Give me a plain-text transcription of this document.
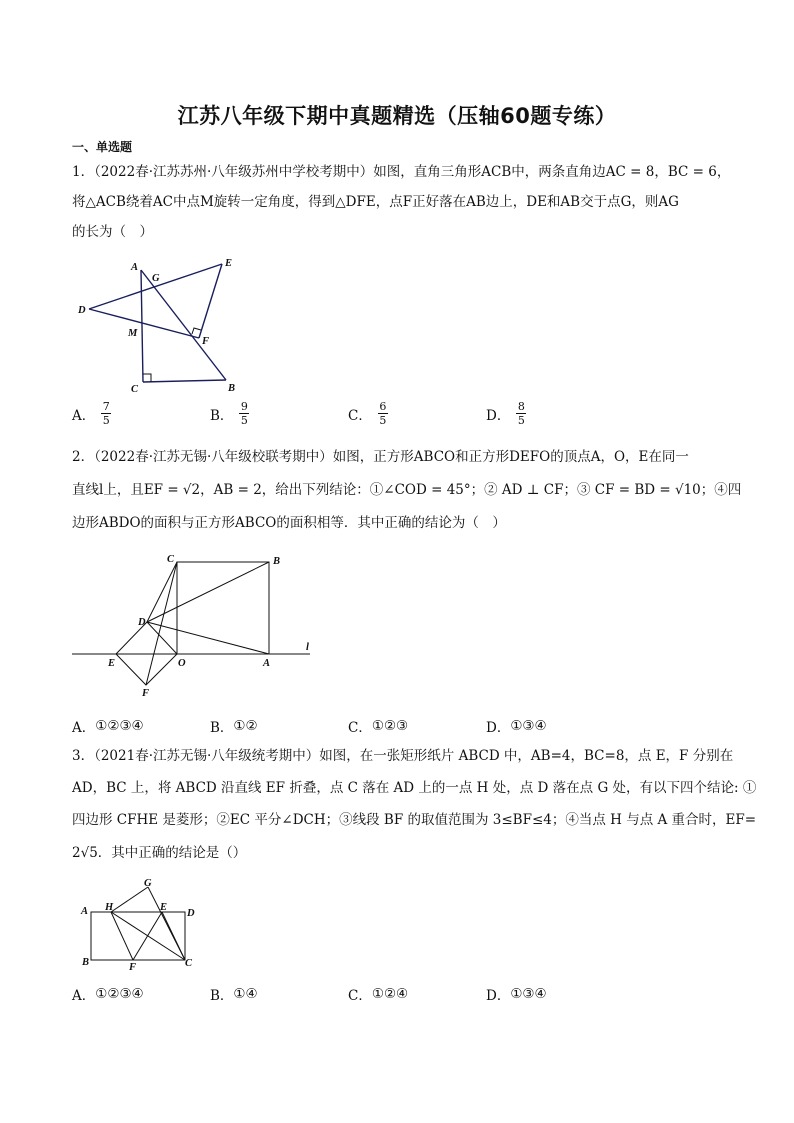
江苏八年级下期中真题精选（压轴60题专练）
一、单选题
1．（2022春·江苏苏州·八年级苏州中学校考期中）如图，直角三角形ACB中，两条直角边AC = 8，BC = 6，
将△ACB绕着AC中点M旋转一定角度，得到△DFE，点F正好落在AB边上，DE和AB交于点G，则AG
的长为（　）
A
G
E
D
M
F
C	B
A． $\frac{7}{5}$	B． $\frac{9}{5}$	C． $\frac{6}{5}$	D． $\frac{8}{5}$
2．（2022春·江苏无锡·八年级校联考期中）如图，正方形ABCO和正方形DEFO的顶点A，O，E在同一
直线l上，且EF = √2，AB = 2，给出下列结论：①∠COD = 45°；② AD ⊥ CF；③ CF = BD = √10；④四
边形ABDO的面积与正方形ABCO的面积相等．其中正确的结论为（　）
C	B
D
l
E	O	A
F
A． ①②③④	B． ①②	C． ①②③	D． ①③④
3．（2021春·江苏无锡·八年级统考期中）如图，在一张矩形纸片 ABCD 中，AB=4，BC=8，点 E，F 分别在
AD，BC 上，将 ABCD 沿直线 EF 折叠，点 C 落在 AD 上的一点 H 处，点 D 落在点 G 处，有以下四个结论: ①
四边形 CFHE 是菱形；②EC 平分∠DCH；③线段 BF 的取值范围为 3≤BF≤4；④当点 H 与点 A 重合时，EF=
2√5．其中正确的结论是（）
G
A H	E
D
B	F	C
A． ①②③④	B． ①④	C． ①②④	D． ①③④
